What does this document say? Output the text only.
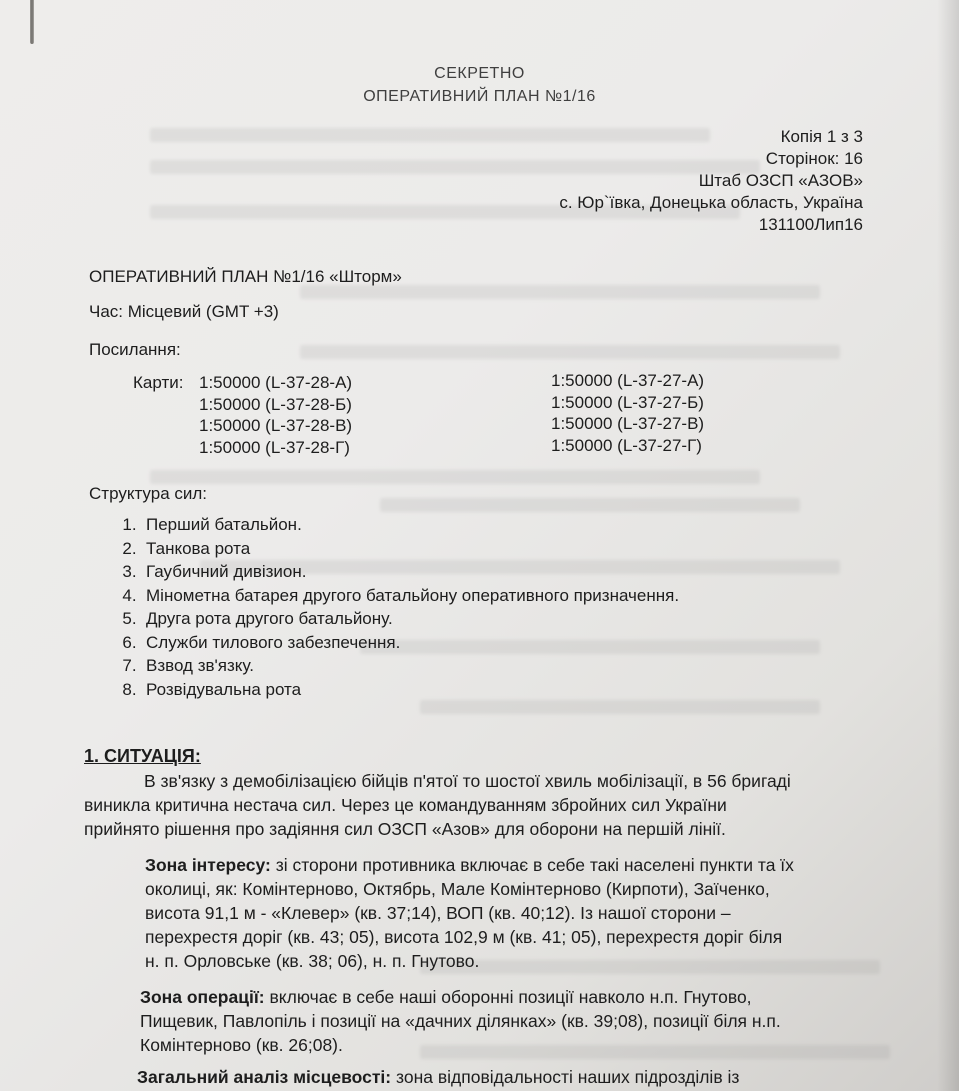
СЕКРЕТНО
ОПЕРАТИВНИЙ ПЛАН №1/16
Копія 1 з 3
Сторінок: 16
Штаб ОЗСП «АЗОВ»
с. Юр`ївка, Донецька область, Україна
131100Лип16
ОПЕРАТИВНИЙ ПЛАН №1/16 «Шторм»
Час: Місцевий (GMT +3)
Посилання:
Карти: 1:50000 (L-37-28-А)
1:50000 (L-37-28-Б)
1:50000 (L-37-28-В)
1:50000 (L-37-28-Г)
1:50000 (L-37-27-А)
1:50000 (L-37-27-Б)
1:50000 (L-37-27-В)
1:50000 (L-37-27-Г)
Структура сил:
1. Перший батальйон.
2. Танкова рота
3. Гаубичний дивізион.
4. Мінометна батарея другого батальйону оперативного призначення.
5. Друга рота другого батальйону.
6. Служби тилового забезпечення.
7. Взвод зв'язку.
8. Розвідувальна рота
1. СИТУАЦІЯ:
В зв'язку з демобілізацією бійців п'ятої то шостої хвиль мобілізації, в 56 бригаді
виникла критична нестача сил. Через це командуванням збройних сил України
прийнято рішення про задіяння сил ОЗСП «Азов» для оборони на першій лінії.
Зона інтересу: зі сторони противника включає в себе такі населені пункти та їх
околиці, як: Комінтерново, Октябрь, Мале Комінтерново (Кирпоти), Заїченко,
висота 91,1 м - «Клевер» (кв. 37;14), ВОП (кв. 40;12). Із нашої сторони –
перехрестя доріг (кв. 43; 05), висота 102,9 м (кв. 41; 05), перехрестя доріг біля
н. п. Орловське (кв. 38; 06), н. п. Гнутово.
Зона операції: включає в себе наші оборонні позиції навколо н.п. Гнутово,
Пищевик, Павлопіль і позиції на «дачних ділянках» (кв. 39;08), позиції біля н.п.
Комінтерново (кв. 26;08).
Загальний аналіз місцевості: зона відповідальності наших підрозділів із
